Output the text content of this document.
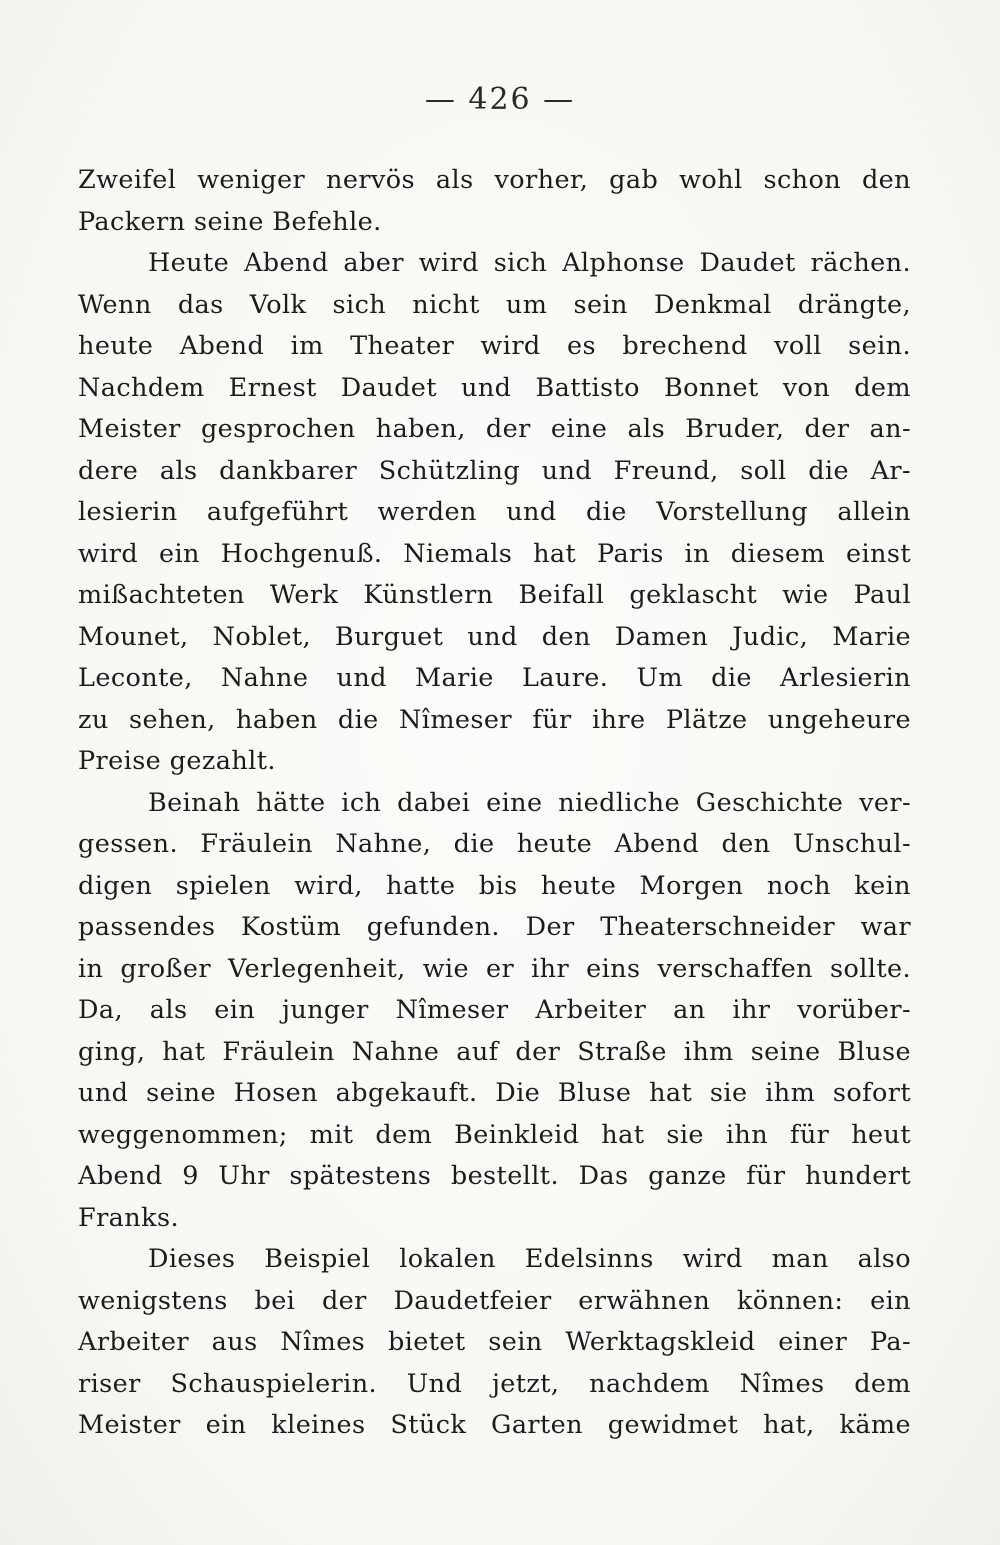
— 426 —
Zweifel weniger nervös als vorher, gab wohl schon den
Packern seine Befehle.
Heute Abend aber wird sich Alphonse Daudet rächen.
Wenn das Volk sich nicht um sein Denkmal drängte,
heute Abend im Theater wird es brechend voll sein.
Nachdem Ernest Daudet und Battisto Bonnet von dem
Meister gesprochen haben, der eine als Bruder, der an-
dere als dankbarer Schützling und Freund, soll die Ar-
lesierin aufgeführt werden und die Vorstellung allein
wird ein Hochgenuß. Niemals hat Paris in diesem einst
mißachteten Werk Künstlern Beifall geklascht wie Paul
Mounet, Noblet, Burguet und den Damen Judic, Marie
Leconte, Nahne und Marie Laure. Um die Arlesierin
zu sehen, haben die Nîmeser für ihre Plätze ungeheure
Preise gezahlt.
Beinah hätte ich dabei eine niedliche Geschichte ver-
gessen. Fräulein Nahne, die heute Abend den Unschul-
digen spielen wird, hatte bis heute Morgen noch kein
passendes Kostüm gefunden. Der Theaterschneider war
in großer Verlegenheit, wie er ihr eins verschaffen sollte.
Da, als ein junger Nîmeser Arbeiter an ihr vorüber-
ging, hat Fräulein Nahne auf der Straße ihm seine Bluse
und seine Hosen abgekauft. Die Bluse hat sie ihm sofort
weggenommen; mit dem Beinkleid hat sie ihn für heut
Abend 9 Uhr spätestens bestellt. Das ganze für hundert
Franks.
Dieses Beispiel lokalen Edelsinns wird man also
wenigstens bei der Daudetfeier erwähnen können: ein
Arbeiter aus Nîmes bietet sein Werktagskleid einer Pa-
riser Schauspielerin. Und jetzt, nachdem Nîmes dem
Meister ein kleines Stück Garten gewidmet hat, käme
